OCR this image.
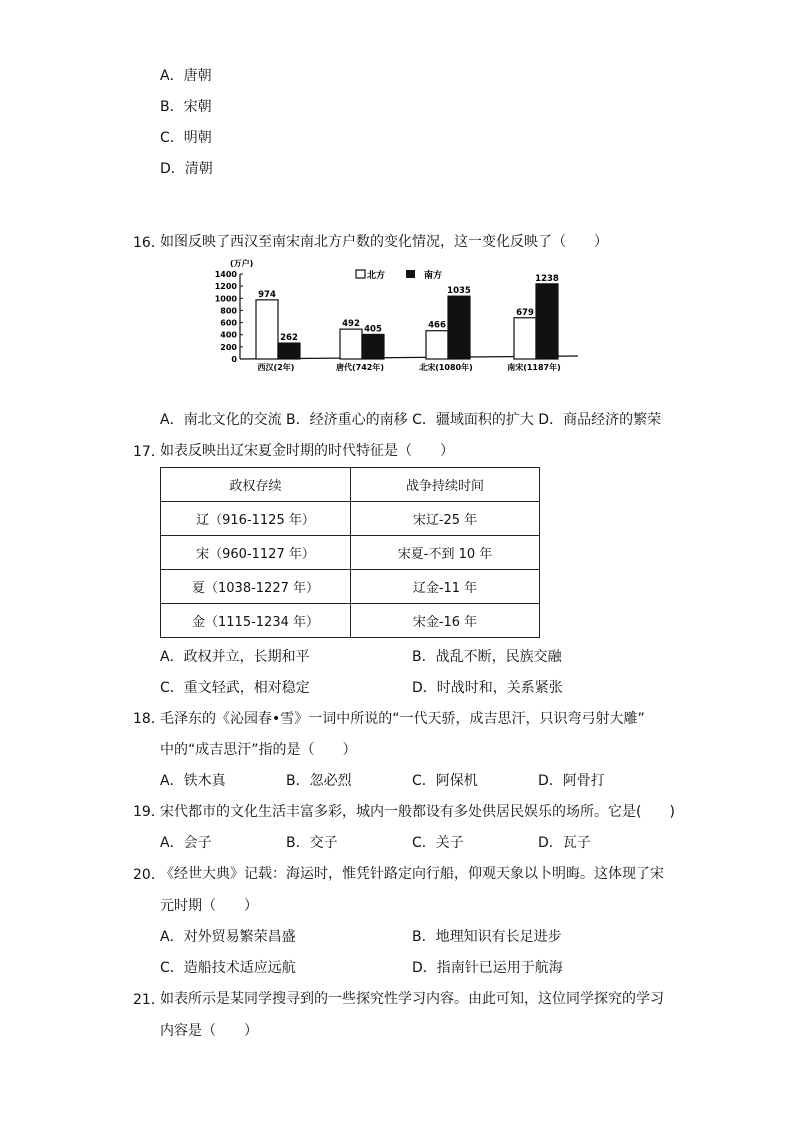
A．唐朝
B．宋朝
C．明朝
D．清朝
16．
如图反映了西汉至南宋南北方户数的变化情况，这一变化反映了（　　）
(万户)
0
200
400
600
800
1000
1200
1400	北方	南方
974
262
492
405	466
1035
679
1238
西汉(2年)	唐代(742年)	北宋(1080年)	南宋(1187年)
A．南北文化的交流 B．经济重心的南移 C．疆域面积的扩大 D．商品经济的繁荣
17．
如表反映出辽宋夏金时期的时代特征是（　　）
政权存续	战争持续时间
辽（916-1125 年）	宋辽-25 年
宋（960-1127 年）	宋夏-不到 10 年
夏（1038-1227 年）	辽金-11 年
金（1115-1234 年）	宋金-16 年
A．政权并立，长期和平	B．战乱不断，民族交融
C．重文轻武，相对稳定	D．时战时和，关系紧张
18．
毛泽东的《沁园春•雪》一词中所说的“一代天骄，成吉思汗，只识弯弓射大雕”
中的“成吉思汗”指的是（　　）
A．铁木真	B．忽必烈	C．阿保机	D．阿骨打
19．
宋代都市的文化生活丰富多彩，城内一般都设有多处供居民娱乐的场所。它是(　　)
A．会子	B．交子	C．关子	D．瓦子
20．
《经世大典》记载：海运时，惟凭针路定向行船，仰观天象以卜明晦。这体现了宋
元时期（　　）
A．对外贸易繁荣昌盛	B．地理知识有长足进步
C．造船技术适应远航	D．指南针已运用于航海
21．
如表所示是某同学搜寻到的一些探究性学习内容。由此可知，这位同学探究的学习
内容是（　　）
